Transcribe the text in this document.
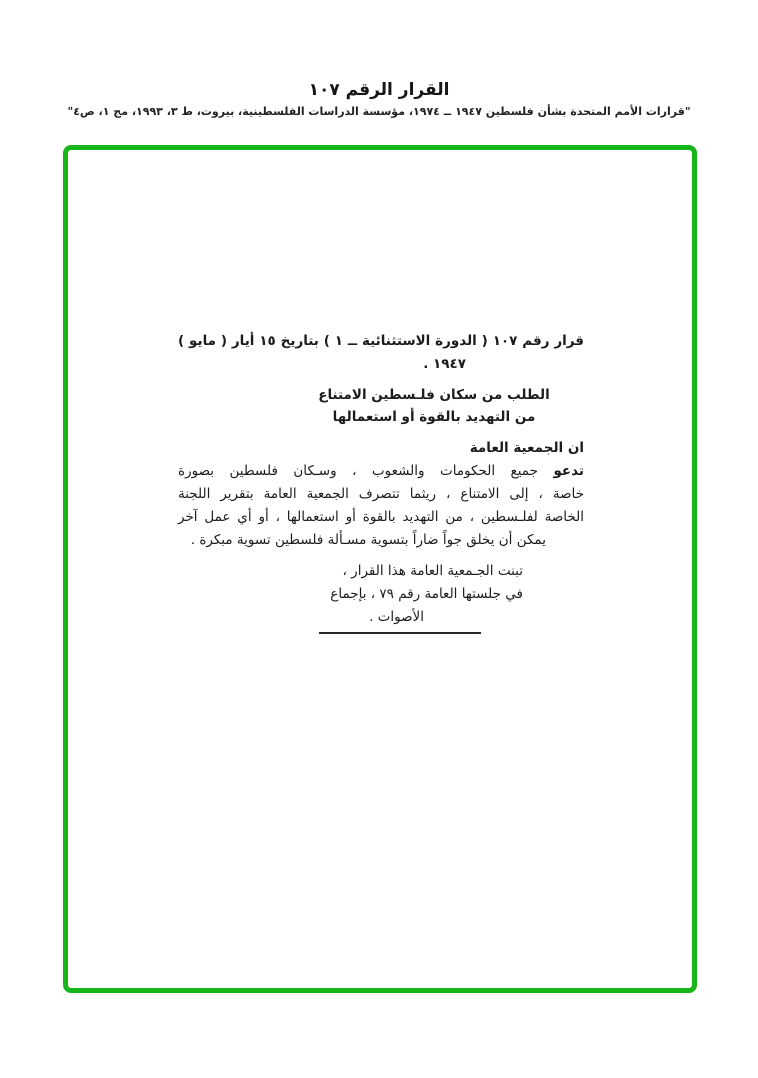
القرار الرقم ١٠٧
"قرارات الأمم المتحدة بشأن فلسطين ١٩٤٧ ــ ١٩٧٤، مؤسسة الدراسات الفلسطينية، بيروت، ط ٣، ١٩٩٣، مج ١، ص٤"
قرار رقم ١٠٧ ( الدورة الاستثنائية ــ ١ ) بتاريخ ١٥ أيار ( مايو )
١٩٤٧ .
الطلب من سكان فلـسطين الامتناع
من التهديد بالقوة أو استعمالها
ان الجمعية العامة
تدعو جميع الحكومات والشعوب ، وسـكان فلسطين بصورة
خاصة ، إلى الامتناع ، ريثما تتصرف الجمعية العامة بتقرير اللجنة
الخاصة لفلـسطين ، من التهديد بالقوة أو استعمالها ، أو أي عمل آخر
يمكن أن يخلق جواً ضاراً بتسوية مسـألة فلسطين تسوية مبكرة .
تبنت الجـمعية العامة هذا القرار ،
في جلستها العامة رقم ٧٩ ، بإجماع
الأصوات .
